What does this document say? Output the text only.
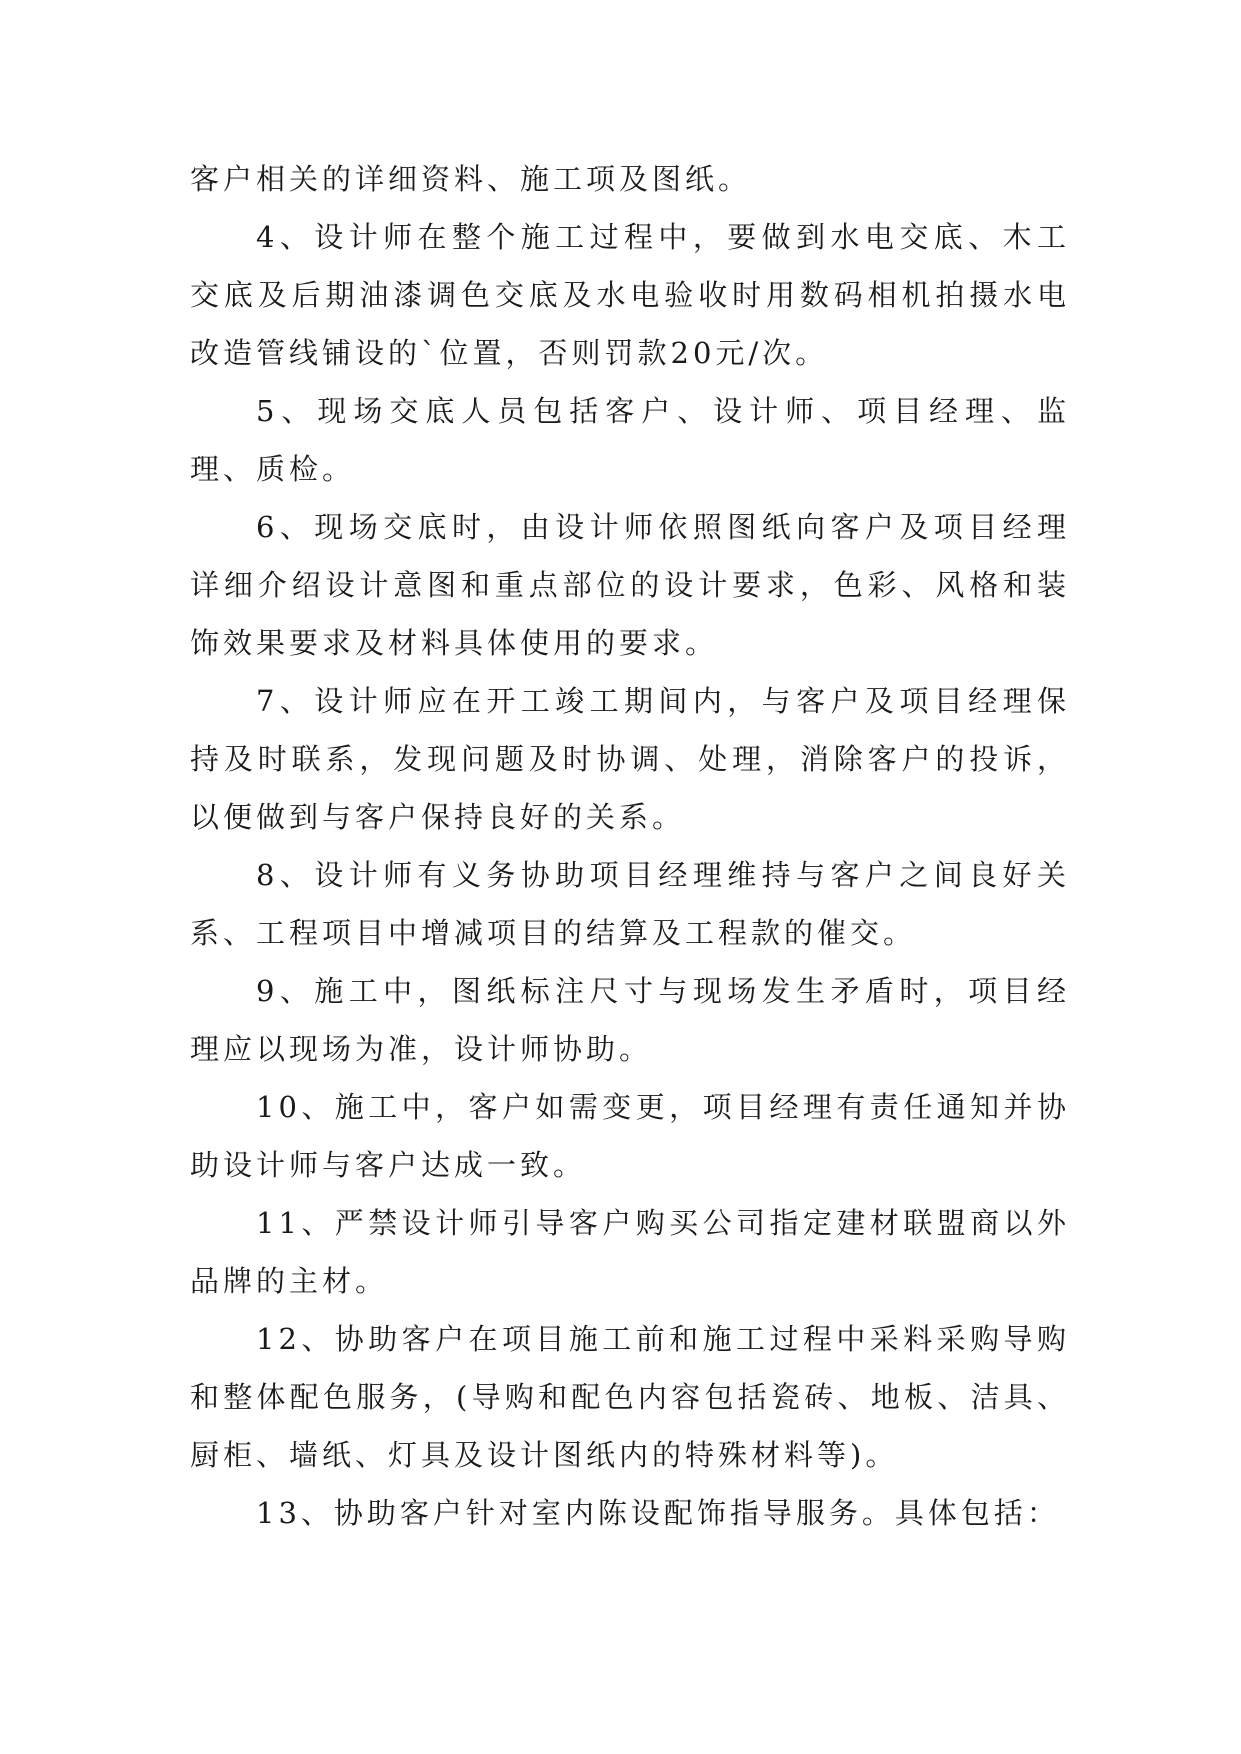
客户相关的详细资料、施工项及图纸。

4、设计师在整个施工过程中，要做到水电交底、木工交底及后期油漆调色交底及水电验收时用数码相机拍摄水电改造管线铺设的`位置，否则罚款20元/次。

5、现场交底人员包括客户、设计师、项目经理、监理、质检。

6、现场交底时，由设计师依照图纸向客户及项目经理详细介绍设计意图和重点部位的设计要求，色彩、风格和装饰效果要求及材料具体使用的要求。

7、设计师应在开工竣工期间内，与客户及项目经理保持及时联系，发现问题及时协调、处理，消除客户的投诉，以便做到与客户保持良好的关系。

8、设计师有义务协助项目经理维持与客户之间良好关系、工程项目中增减项目的结算及工程款的催交。

9、施工中，图纸标注尺寸与现场发生矛盾时，项目经理应以现场为准，设计师协助。

10、施工中，客户如需变更，项目经理有责任通知并协助设计师与客户达成一致。

11、严禁设计师引导客户购买公司指定建材联盟商以外品牌的主材。

12、协助客户在项目施工前和施工过程中采料采购导购和整体配色服务，(导购和配色内容包括瓷砖、地板、洁具、厨柜、墙纸、灯具及设计图纸内的特殊材料等)。

13、协助客户针对室内陈设配饰指导服务。具体包括：
